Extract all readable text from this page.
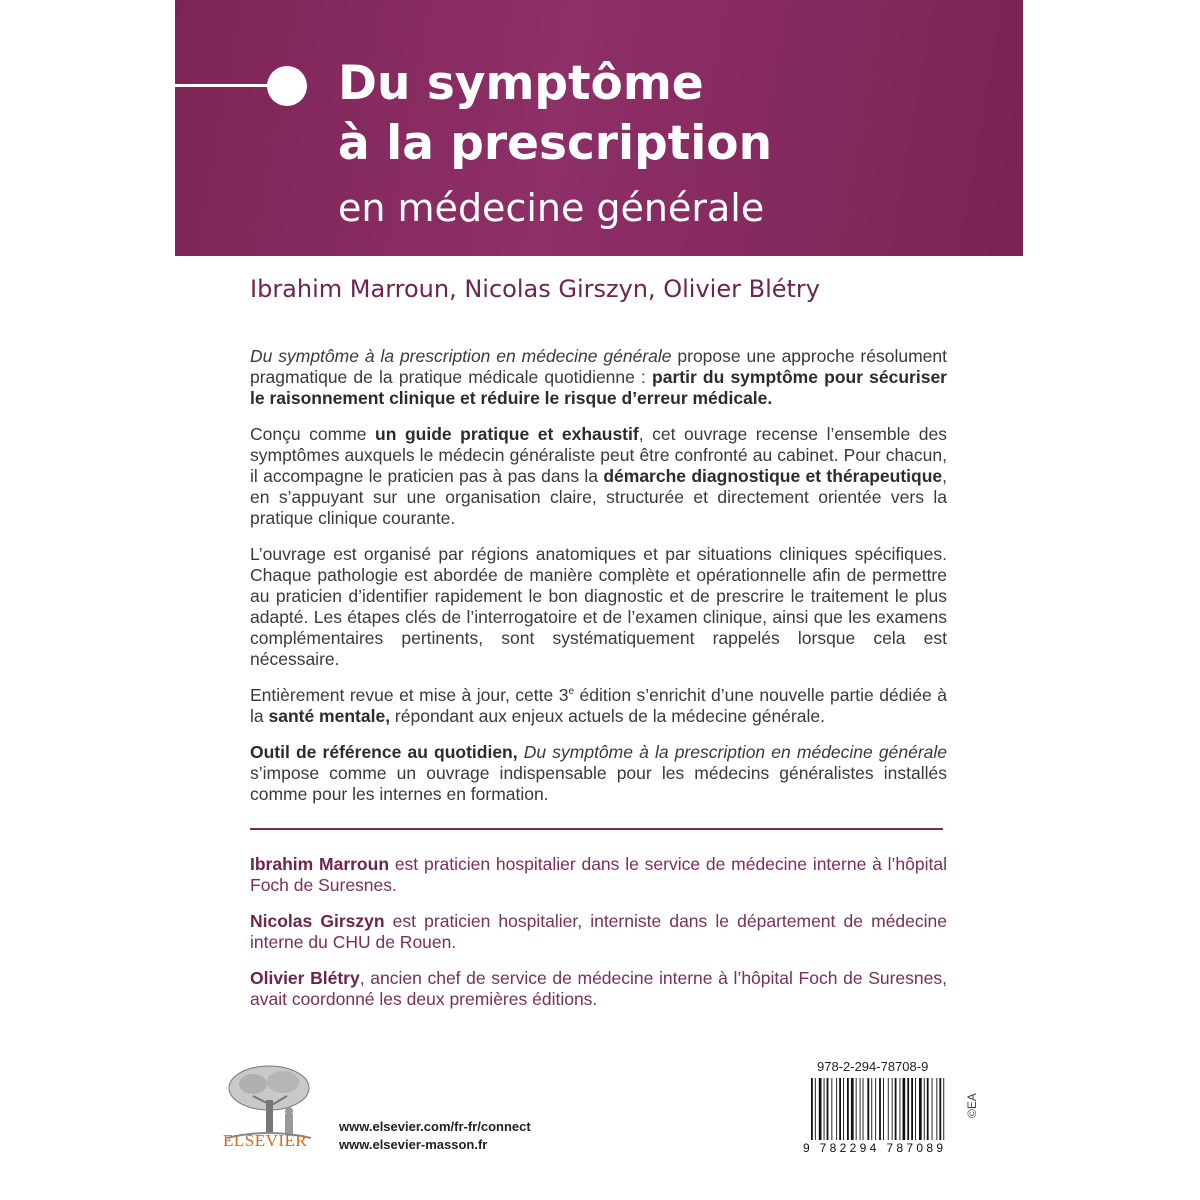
Du symptôme
à la prescription
en médecine générale
Ibrahim Marroun, Nicolas Girszyn, Olivier Blétry

Du symptôme à la prescription en médecine générale propose une approche résolument pragmatique de la pratique médicale quotidienne : partir du symptôme pour sécuriser le raisonnement clinique et réduire le risque d’erreur médicale.

Conçu comme un guide pratique et exhaustif, cet ouvrage recense l’ensemble des symptômes auxquels le médecin généraliste peut être confronté au cabinet. Pour chacun, il accompagne le praticien pas à pas dans la démarche diagnostique et thérapeutique, en s’appuyant sur une organisation claire, structurée et directement orientée vers la pratique clinique courante.

L’ouvrage est organisé par régions anatomiques et par situations cliniques spécifiques. Chaque pathologie est abordée de manière complète et opérationnelle afin de permettre au praticien d’identifier rapidement le bon diagnostic et de prescrire le traitement le plus adapté. Les étapes clés de l’interrogatoire et de l’examen clinique, ainsi que les examens complémentaires pertinents, sont systématiquement rappelés lorsque cela est nécessaire.

Entièrement revue et mise à jour, cette 3e édition s’enrichit d’une nouvelle partie dédiée à la santé mentale, répondant aux enjeux actuels de la médecine générale.

Outil de référence au quotidien, Du symptôme à la prescription en médecine générale s’impose comme un ouvrage indispensable pour les médecins généralistes installés comme pour les internes en formation.

Ibrahim Marroun est praticien hospitalier dans le service de médecine interne à l’hôpital Foch de Suresnes.

Nicolas Girszyn est praticien hospitalier, interniste dans le département de médecine interne du CHU de Rouen.

Olivier Blétry, ancien chef de service de médecine interne à l’hôpital Foch de Suresnes, avait coordonné les deux premières éditions.

ELSEVIER
www.elsevier.com/fr-fr/connect
www.elsevier-masson.fr
978-2-294-78708-9
9 782294 787089
©EA
